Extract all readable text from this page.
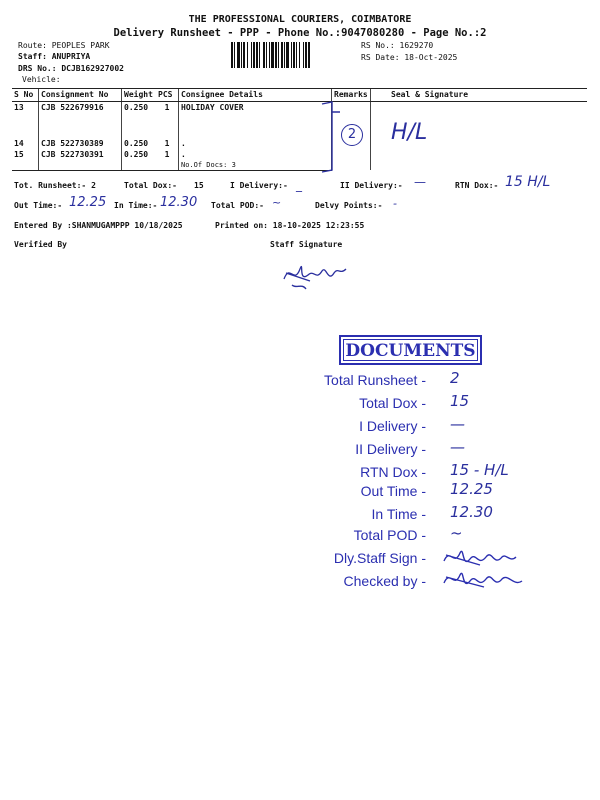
THE PROFESSIONAL COURIERS, COIMBATORE
Delivery Runsheet - PPP - Phone No.:9047080280 - Page No.:2
Route: PEOPLES PARK
Staff: ANUPRIYA
DRS No.: DCJB162927002
Vehicle:
RS No.: 1629270
RS Date: 18-Oct-2025
S No	Consignment No	Weight	PCS	Consignee Details	Remarks	Seal & Signature
13	CJB 522679916	0.250	1	HOLIDAY COVER		
14	CJB 522730389	0.250	1	.		
15	CJB 522730391	0.250	1	.
No.Of Docs: 3		
2	H/L
Tot. Runsheet:- 2	Total Dox:- 15	I Delivery:- _	II Delivery:- —	RTN Dox:- 15 H/L
Out Time:- 12.25 In Time:- 12.30 Total POD:- ~	Delvy Points:- -
Entered By :SHANMUGAMPPP 10/18/2025	Printed on: 18-10-2025 12:23:55
Verified By	Staff Signature
DOCUMENTS
Total Runsheet - 2
Total Dox - 15
I Delivery - —
II Delivery - —
RTN Dox - 15 - H/L
Out Time - 12.25
In Time - 12.30
Total POD - ~
Dly.Staff Sign -
Checked by -
